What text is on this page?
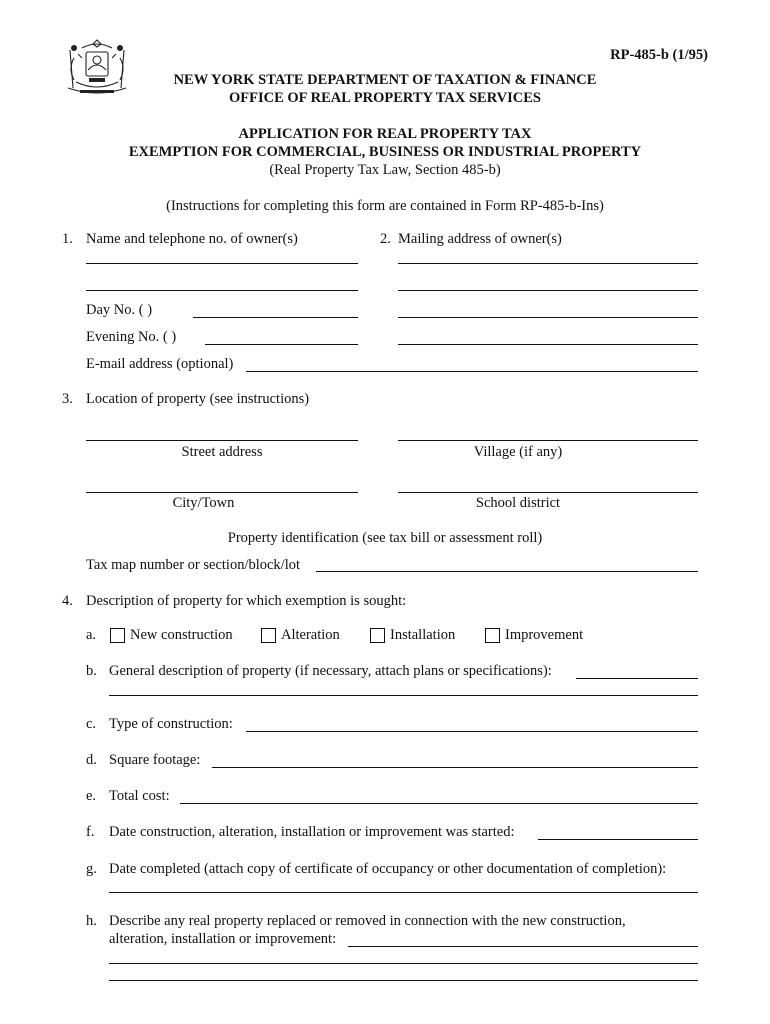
RP-485-b (1/95)
NEW YORK STATE DEPARTMENT OF TAXATION & FINANCE
OFFICE OF REAL PROPERTY TAX SERVICES
APPLICATION FOR REAL PROPERTY TAX
EXEMPTION FOR COMMERCIAL, BUSINESS OR INDUSTRIAL PROPERTY
(Real Property Tax Law, Section 485-b)
(Instructions for completing this form are contained in Form RP-485-b-Ins)
1. Name and telephone no. of owner(s)	2. Mailing address of owner(s)
Day No. ( )
Evening No. ( )
E-mail address (optional)
3. Location of property (see instructions)
Street address	Village (if any)
City/Town	School district
Property identification (see tax bill or assessment roll)
Tax map number or section/block/lot
4. Description of property for which exemption is sought:
a. New construction	Alteration	Installation	Improvement
b. General description of property (if necessary, attach plans or specifications):
c. Type of construction:
d. Square footage:
e. Total cost:
f. Date construction, alteration, installation or improvement was started:
g. Date completed (attach copy of certificate of occupancy or other documentation of completion):
h. Describe any real property replaced or removed in connection with the new construction,
alteration, installation or improvement:
